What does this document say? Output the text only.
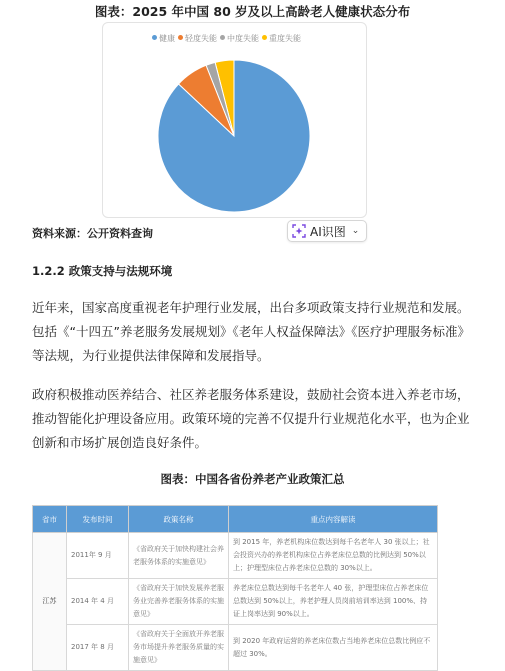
图表：2025 年中国 80 岁及以上高龄老人健康状态分布
健康 轻度失能 中度失能 重度失能
资料来源：公开资料查询	AI识图 ⌄
1.2.2 政策支持与法规环境
近年来，国家高度重视老年护理行业发展，出台多项政策支持行业规范和发展。包括《“十四五”养老服务发展规划》《老年人权益保障法》《医疗护理服务标准》等法规，为行业提供法律保障和发展指导。
政府积极推动医养结合、社区养老服务体系建设，鼓励社会资本进入养老市场，推动智能化护理设备应用。政策环境的完善不仅提升行业规范化水平，也为企业创新和市场扩展创造良好条件。
图表：中国各省份养老产业政策汇总
省市	发布时间	政策名称	重点内容解读
江苏	2011年 9 月	《省政府关于加快构建社会养老服务体系的实施意见》	到 2015 年，养老机构床位数达到每千名老年人 30 张以上；社会投资兴办的养老机构床位占养老床位总数的比例达到 50%以上；护理型床位占养老床位总数的 30%以上。
	2014 年 4 月	《省政府关于加快发展养老服务业完善养老服务体系的实施意见》	养老床位总数达到每千名老年人 40 张，护理型床位占养老床位总数达到 50%以上，养老护理人员岗前培训率达到 100%、持证上岗率达到 90%以上。
	2017 年 8 月	《省政府关于全面放开养老服务市场提升养老服务质量的实施意见》	到 2020 年政府运营的养老床位数占当地养老床位总数比例应不超过 30%。
